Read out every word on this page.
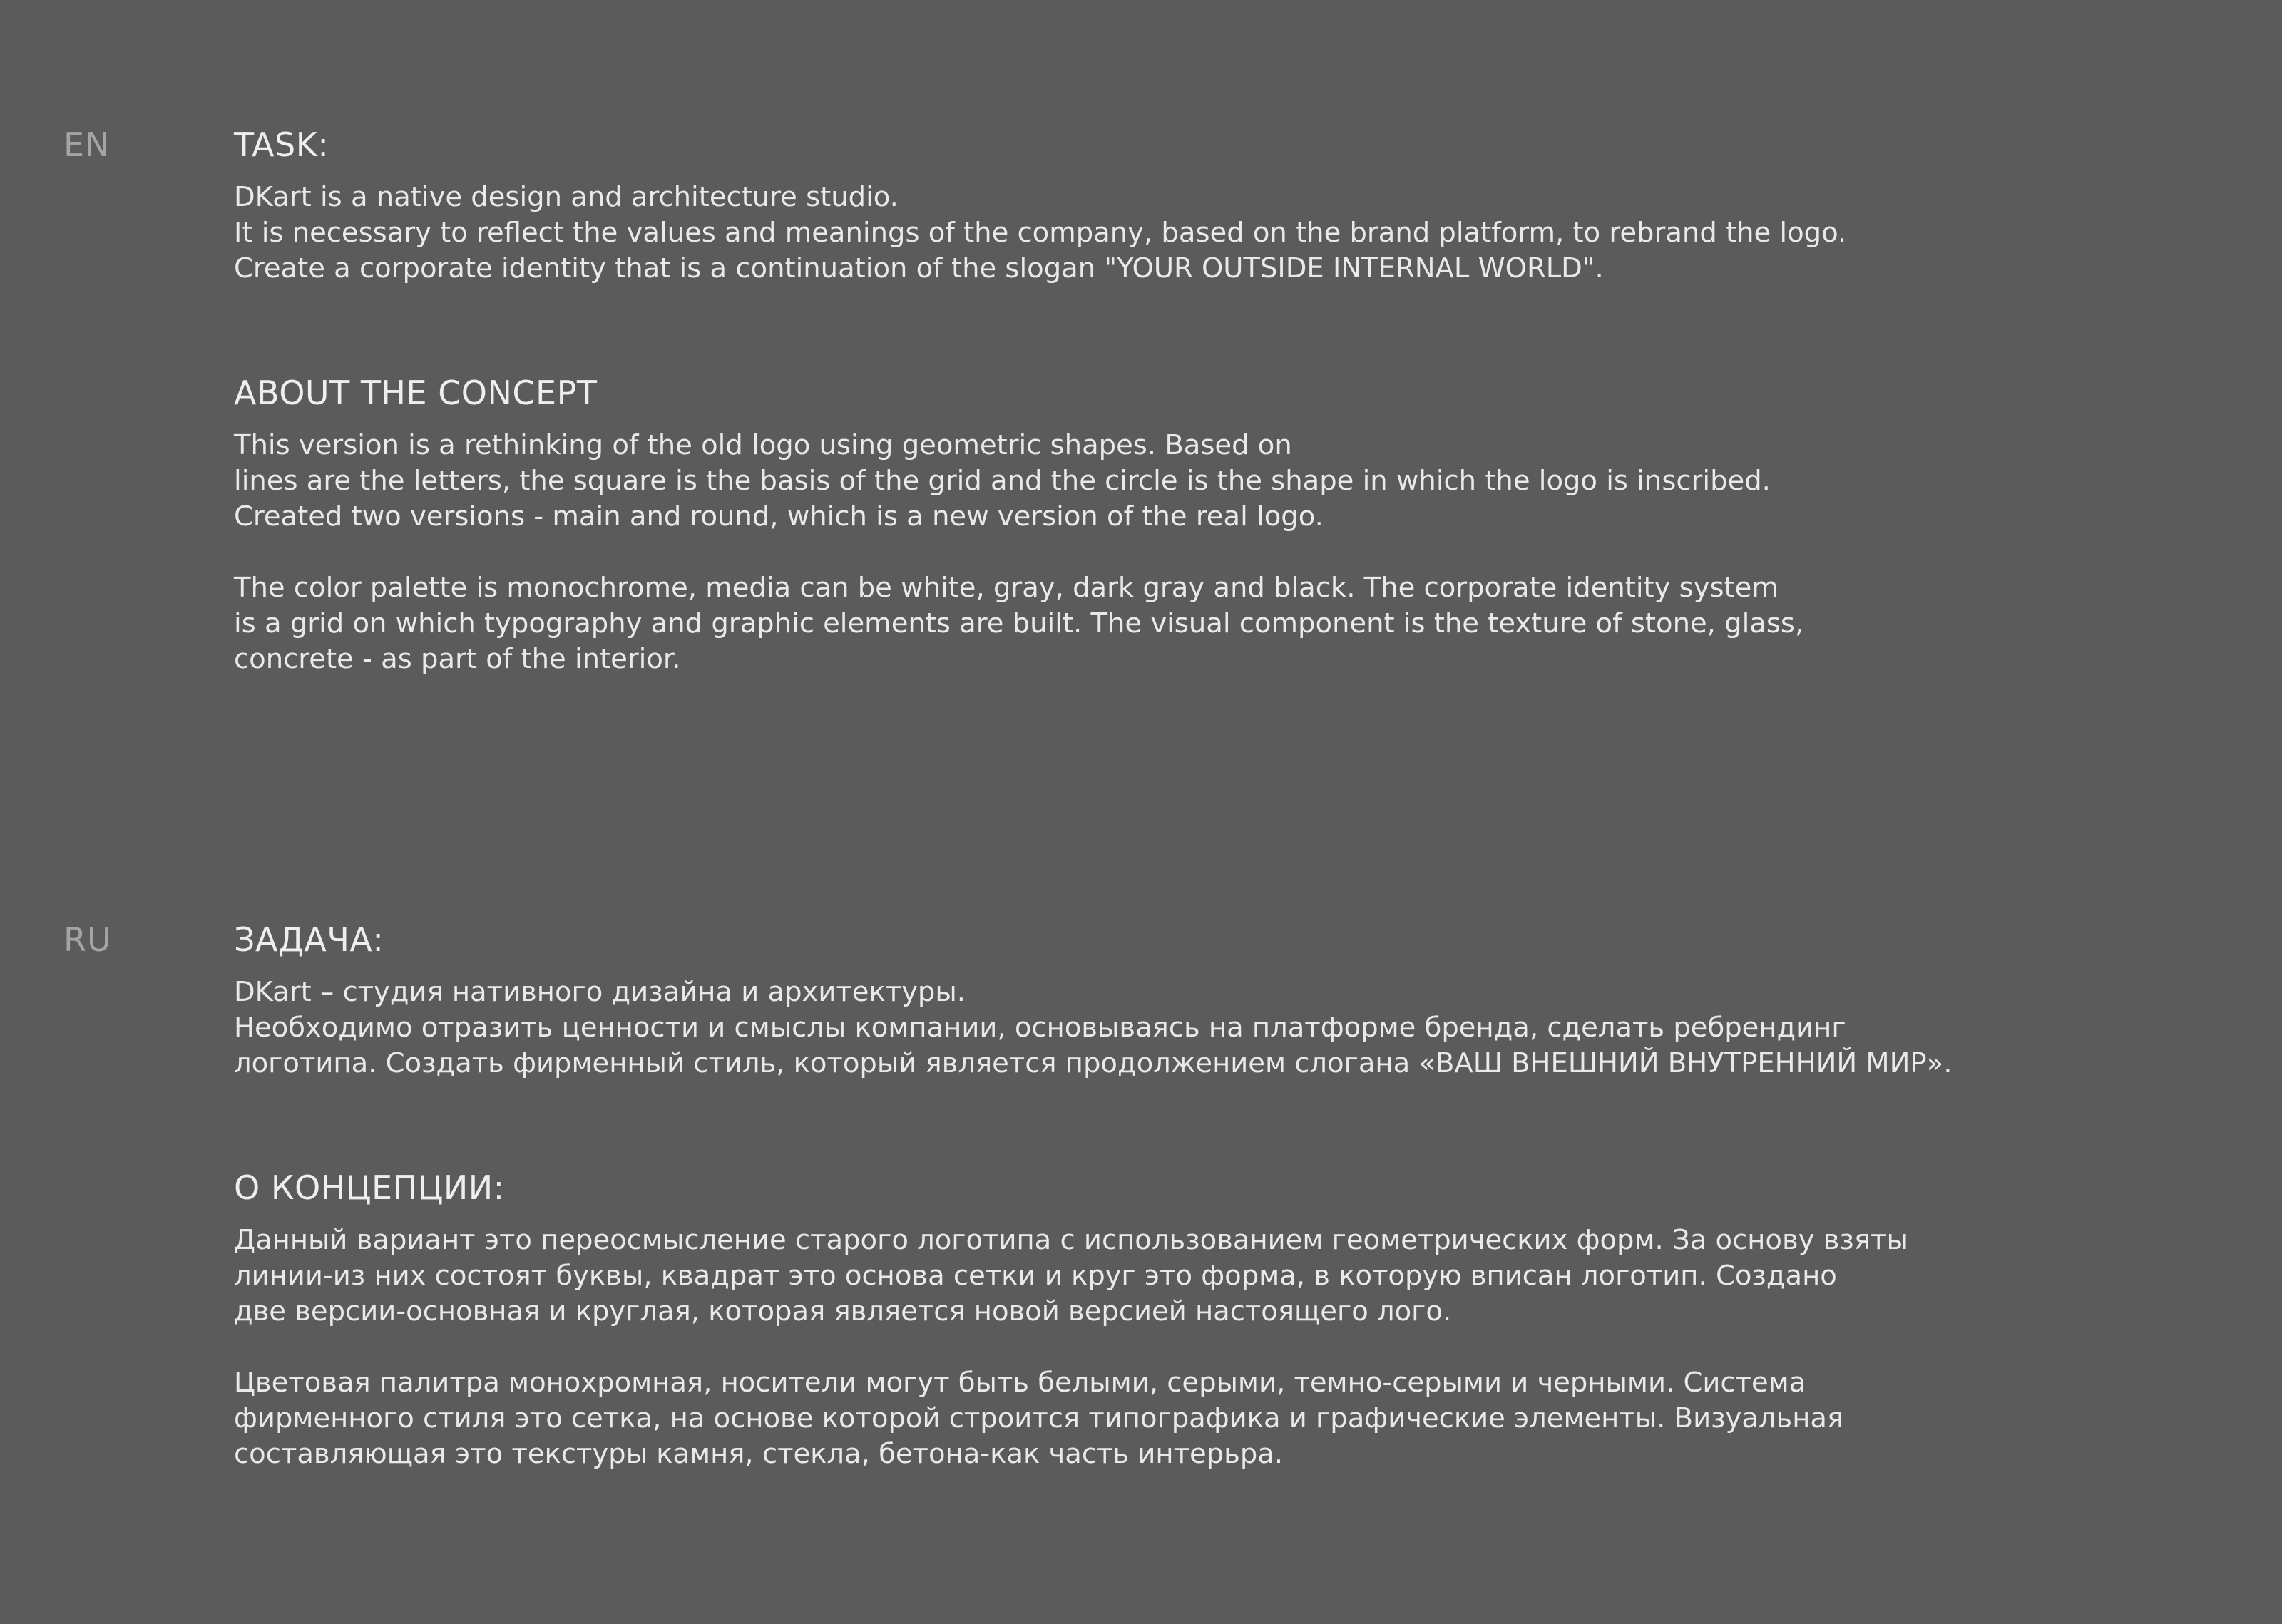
EN	TASK:

DKart is a native design and architecture studio.
It is necessary to reflect the values and meanings of the company, based on the brand platform, to rebrand the logo.
Create a corporate identity that is a continuation of the slogan "YOUR OUTSIDE INTERNAL WORLD".

ABOUT THE CONCEPT

This version is a rethinking of the old logo using geometric shapes. Based on
lines are the letters, the square is the basis of the grid and the circle is the shape in which the logo is inscribed.
Created two versions - main and round, which is a new version of the real logo.

The color palette is monochrome, media can be white, gray, dark gray and black. The corporate identity system
is a grid on which typography and graphic elements are built. The visual component is the texture of stone, glass,
concrete - as part of the interior.

RU	ЗАДАЧА:

DKart – студия нативного дизайна и архитектуры.
Необходимо отразить ценности и смыслы компании, основываясь на платформе бренда, сделать ребрендинг
логотипа. Создать фирменный стиль, который является продолжением слогана «ВАШ ВНЕШНИЙ ВНУТРЕННИЙ МИР».

О КОНЦЕПЦИИ:

Данный вариант это переосмысление старого логотипа с использованием геометрических форм. За основу взяты
линии-из них состоят буквы, квадрат это основа сетки и круг это форма, в которую вписан логотип. Создано
две версии-основная и круглая, которая является новой версией настоящего лого.

Цветовая палитра монохромная, носители могут быть белыми, серыми, темно-серыми и черными. Система
фирменного стиля это сетка, на основе которой строится типографика и графические элементы. Визуальная
составляющая это текстуры камня, стекла, бетона-как часть интерьра.
